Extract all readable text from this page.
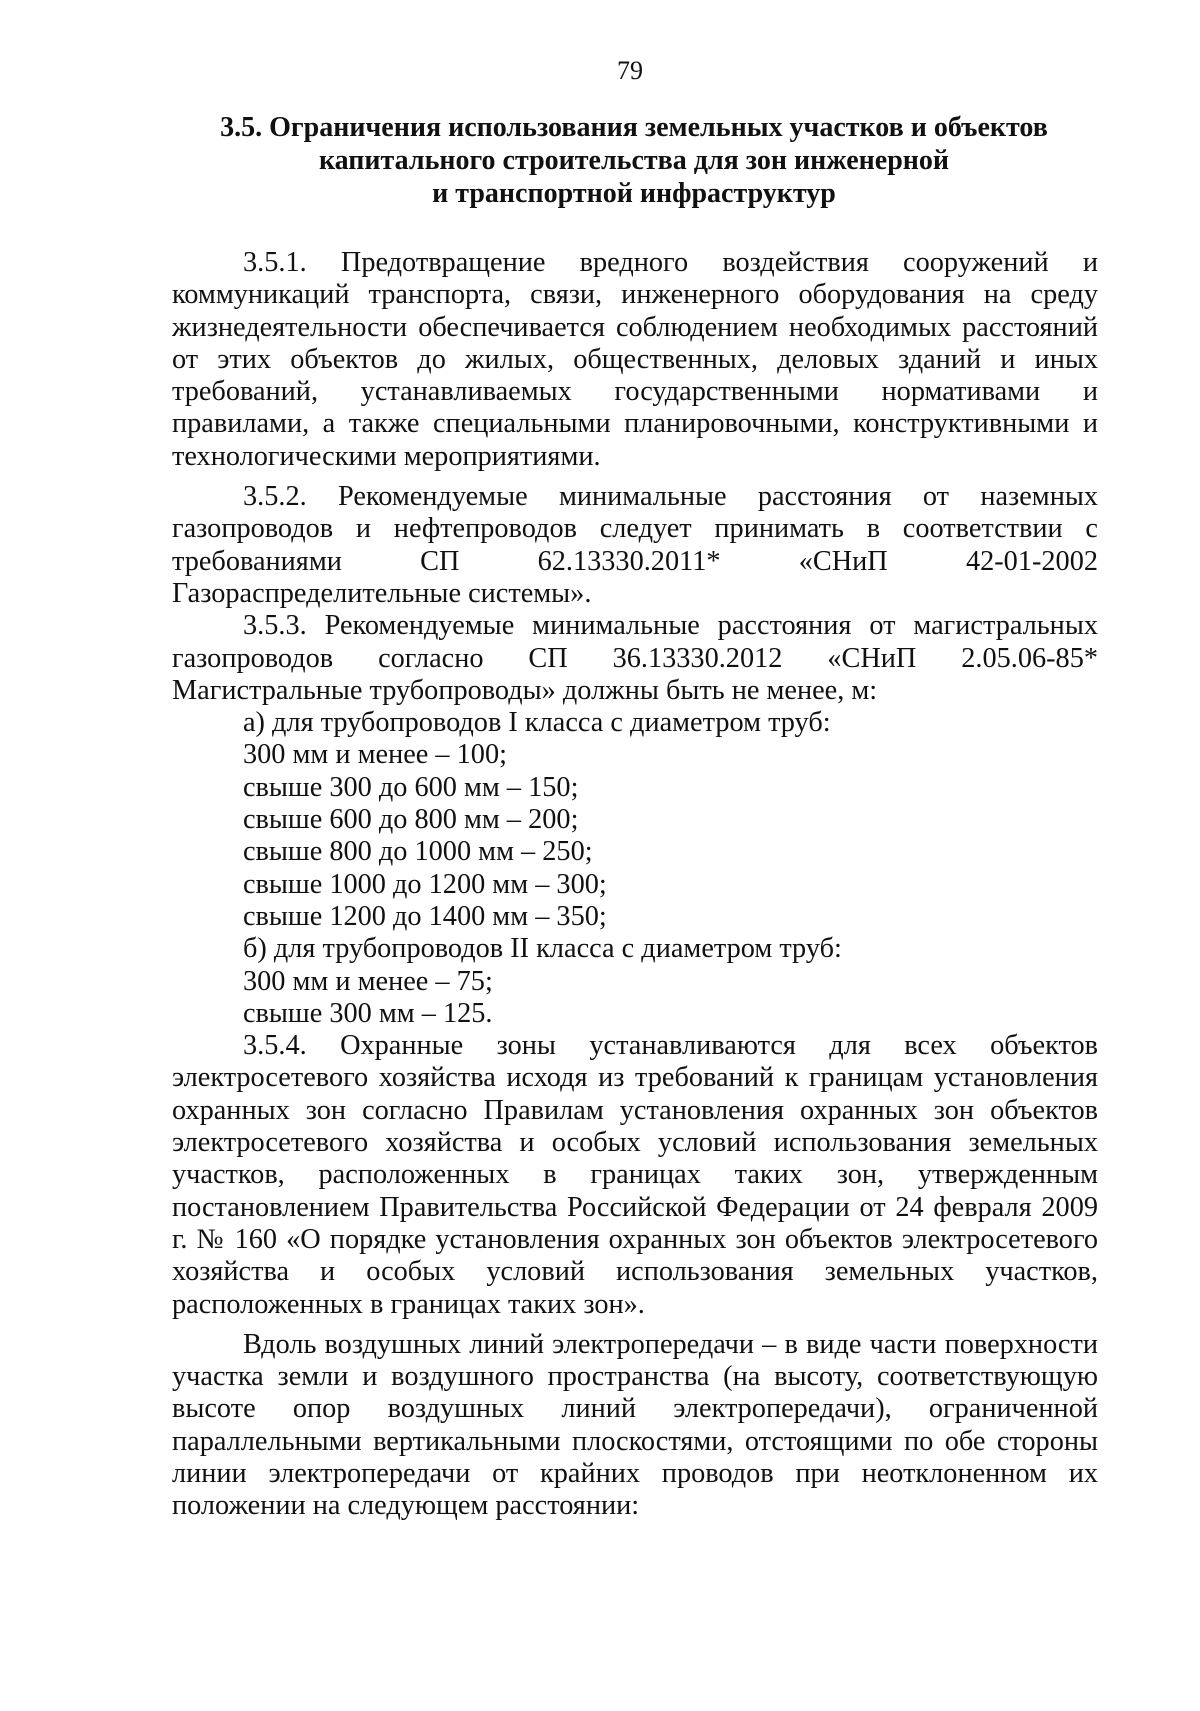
79
3.5. Ограничения использования земельных участков и объектов
капитального строительства для зон инженерной
и транспортной инфраструктур

3.5.1. Предотвращение вредного воздействия сооружений и коммуникаций транспорта, связи, инженерного оборудования на среду жизнедеятельности обеспечивается соблюдением необходимых расстояний от этих объектов до жилых, общественных, деловых зданий и иных требований, устанавливаемых государственными нормативами и правилами, а также специальными планировочными, конструктивными и технологическими мероприятиями.

3.5.2. Рекомендуемые минимальные расстояния от наземных газопроводов и нефтепроводов следует принимать в соответствии с требованиями СП 62.13330.2011* «СНиП 42-01-2002 Газораспределительные системы».

3.5.3. Рекомендуемые минимальные расстояния от магистральных газопроводов согласно СП 36.13330.2012 «СНиП 2.05.06-85* Магистральные трубопроводы» должны быть не менее, м:

а) для трубопроводов I класса с диаметром труб:

300 мм и менее – 100;

свыше 300 до 600 мм – 150;

свыше 600 до 800 мм – 200;

свыше 800 до 1000 мм – 250;

свыше 1000 до 1200 мм – 300;

свыше 1200 до 1400 мм – 350;

б) для трубопроводов II класса с диаметром труб:

300 мм и менее – 75;

свыше 300 мм – 125.

3.5.4. Охранные зоны устанавливаются для всех объектов электросетевого хозяйства исходя из требований к границам установления охранных зон согласно Правилам установления охранных зон объектов электросетевого хозяйства и особых условий использования земельных участков, расположенных в границах таких зон, утвержденным постановлением Правительства Российской Федерации от 24 февраля 2009 г. № 160 «О порядке установления охранных зон объектов электросетевого хозяйства и особых условий использования земельных участков, расположенных в границах таких зон».

Вдоль воздушных линий электропередачи – в виде части поверхности участка земли и воздушного пространства (на высоту, соответствующую высоте опор воздушных линий электропередачи), ограниченной параллельными вертикальными плоскостями, отстоящими по обе стороны линии электропередачи от крайних проводов при неотклоненном их положении на следующем расстоянии:
